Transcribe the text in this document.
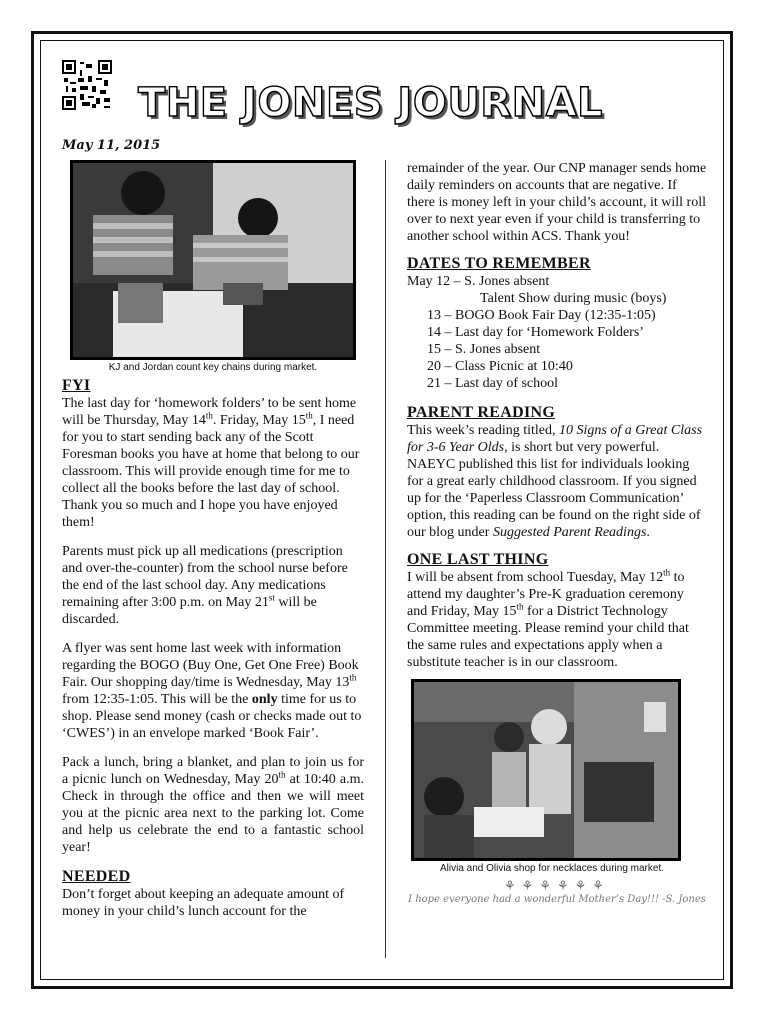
THE JONES JOURNAL
May 11, 2015
KJ and Jordan count key chains during market.
FYI

The last day for ‘homework folders’ to be sent home will be Thursday, May 14th. Friday, May 15th, I need for you to start sending back any of the Scott Foresman books you have at home that belong to our classroom. This will provide enough time for me to collect all the books before the last day of school. Thank you so much and I hope you have enjoyed them!

Parents must pick up all medications (prescription and over-the-counter) from the school nurse before the end of the last school day. Any medications remaining after 3:00 p.m. on May 21st will be discarded.

A flyer was sent home last week with information regarding the BOGO (Buy One, Get One Free) Book Fair. Our shopping day/time is Wednesday, May 13th from 12:35-1:05. This will be the only time for us to shop. Please send money (cash or checks made out to ‘CWES’) in an envelope marked ‘Book Fair’.

Pack a lunch, bring a blanket, and plan to join us for a picnic lunch on Wednesday, May 20th at 10:40 a.m. Check in through the office and then we will meet you at the picnic area next to the parking lot. Come and help us celebrate the end to a fantastic school year!

NEEDED

Don’t forget about keeping an adequate amount of money in your child’s lunch account for the

remainder of the year. Our CNP manager sends home daily reminders on accounts that are negative. If there is money left in your child’s account, it will roll over to next year even if your child is transferring to another school within ACS. Thank you!

DATES TO REMEMBER
May 12 – S. Jones absent
Talent Show during music (boys)
13 – BOGO Book Fair Day (12:35-1:05)
14 – Last day for ‘Homework Folders’
15 – S. Jones absent
20 – Class Picnic at 10:40
21 – Last day of school
PARENT READING

This week’s reading titled, 10 Signs of a Great Class for 3-6 Year Olds, is short but very powerful. NAEYC published this list for individuals looking for a great early childhood classroom. If you signed up for the ‘Paperless Classroom Communication’ option, this reading can be found on the right side of our blog under Suggested Parent Readings.

ONE LAST THING

I will be absent from school Tuesday, May 12th to attend my daughter’s Pre-K graduation ceremony and Friday, May 15th for a District Technology Committee meeting. Please remind your child that the same rules and expectations apply when a substitute teacher is in our classroom.

Alivia and Olivia shop for necklaces during market.
⚘⚘⚘⚘⚘⚘
I hope everyone had a wonderful Mother’s Day!!! -S. Jones
